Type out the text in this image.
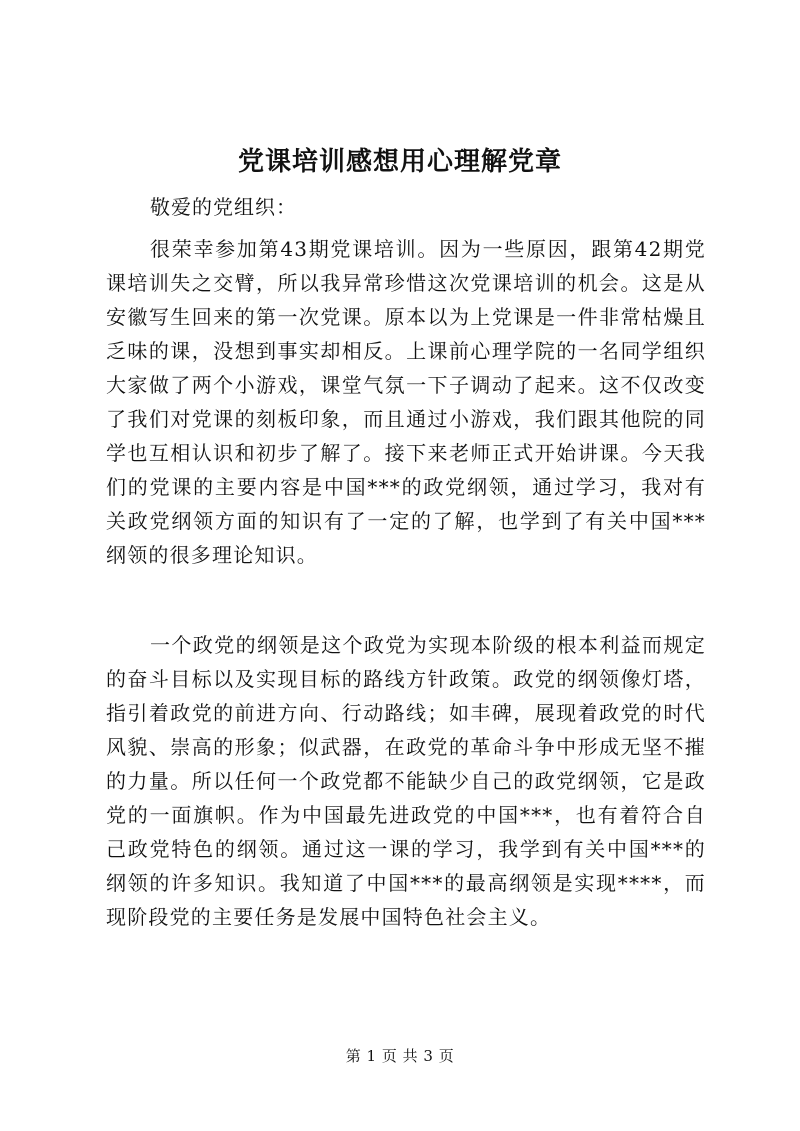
党课培训感想用心理解党章
敬爱的党组织：

很荣幸参加第43期党课培训。因为一些原因，跟第42期党课培训失之交臂，所以我异常珍惜这次党课培训的机会。这是从安徽写生回来的第一次党课。原本以为上党课是一件非常枯燥且乏味的课，没想到事实却相反。上课前心理学院的一名同学组织大家做了两个小游戏，课堂气氛一下子调动了起来。这不仅改变了我们对党课的刻板印象，而且通过小游戏，我们跟其他院的同学也互相认识和初步了解了。接下来老师正式开始讲课。今天我们的党课的主要内容是中国***的政党纲领，通过学习，我对有关政党纲领方面的知识有了一定的了解，也学到了有关中国***纲领的很多理论知识。

一个政党的纲领是这个政党为实现本阶级的根本利益而规定的奋斗目标以及实现目标的路线方针政策。政党的纲领像灯塔，指引着政党的前进方向、行动路线；如丰碑，展现着政党的时代风貌、崇高的形象；似武器，在政党的革命斗争中形成无坚不摧的力量。所以任何一个政党都不能缺少自己的政党纲领，它是政党的一面旗帜。作为中国最先进政党的中国***，也有着符合自己政党特色的纲领。通过这一课的学习，我学到有关中国***的纲领的许多知识。我知道了中国***的最高纲领是实现****，而现阶段党的主要任务是发展中国特色社会主义。

第 1 页 共 3 页
